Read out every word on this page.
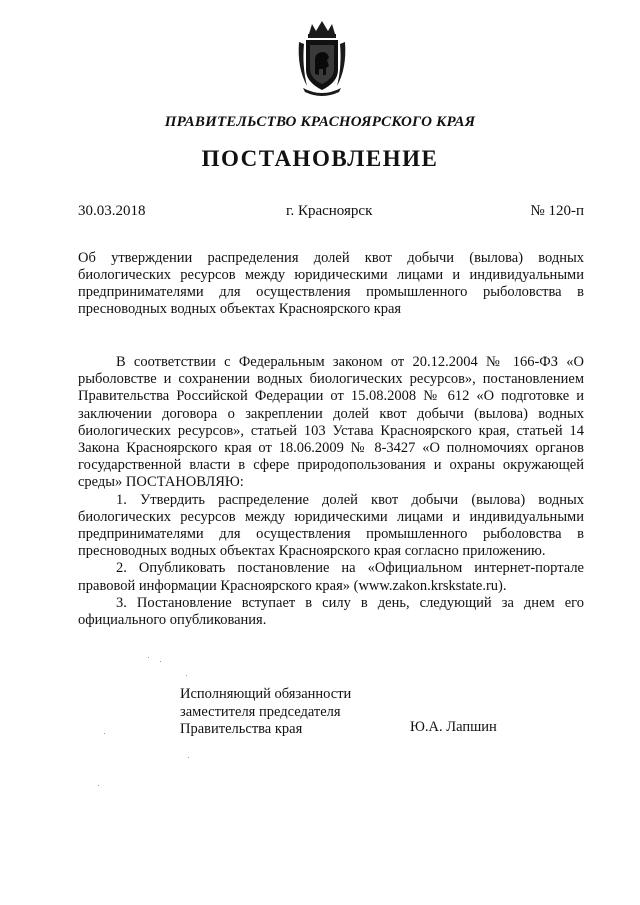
ПРАВИТЕЛЬСТВО КРАСНОЯРСКОГО КРАЯ
ПОСТАНОВЛЕНИЕ
30.03.2018	г. Красноярск	№ 120-п
Об утверждении распределения долей квот добычи (вылова) водных биологических ресурсов между юридическими лицами и индивидуальными предпринимателями для осуществления промышленного рыболовства в пресноводных водных объектах Красноярского края

В соответствии с Федеральным законом от 20.12.2004 № 166-ФЗ «О рыболовстве и сохранении водных биологических ресурсов», постановлением Правительства Российской Федерации от 15.08.2008 № 612 «О подготовке и заключении договора о закреплении долей квот добычи (вылова) водных биологических ресурсов», статьей 103 Устава Красноярского края, статьей 14 Закона Красноярского края от 18.06.2009 № 8-3427 «О полномочиях органов государственной власти в сфере природопользования и охраны окружающей среды» ПОСТАНОВЛЯЮ:

1. Утвердить распределение долей квот добычи (вылова) водных биологических ресурсов между юридическими лицами и индивидуальными предпринимателями для осуществления промышленного рыболовства в пресноводных водных объектах Красноярского края согласно приложению.

2. Опубликовать постановление на «Официальном интернет-портале правовой информации Красноярского края» (www.zakon.krskstate.ru).

3. Постановление вступает в силу в день, следующий за днем его официального опубликования.

Исполняющий обязанности
заместителя председателя
Правительства края	Ю.А. Лапшин
